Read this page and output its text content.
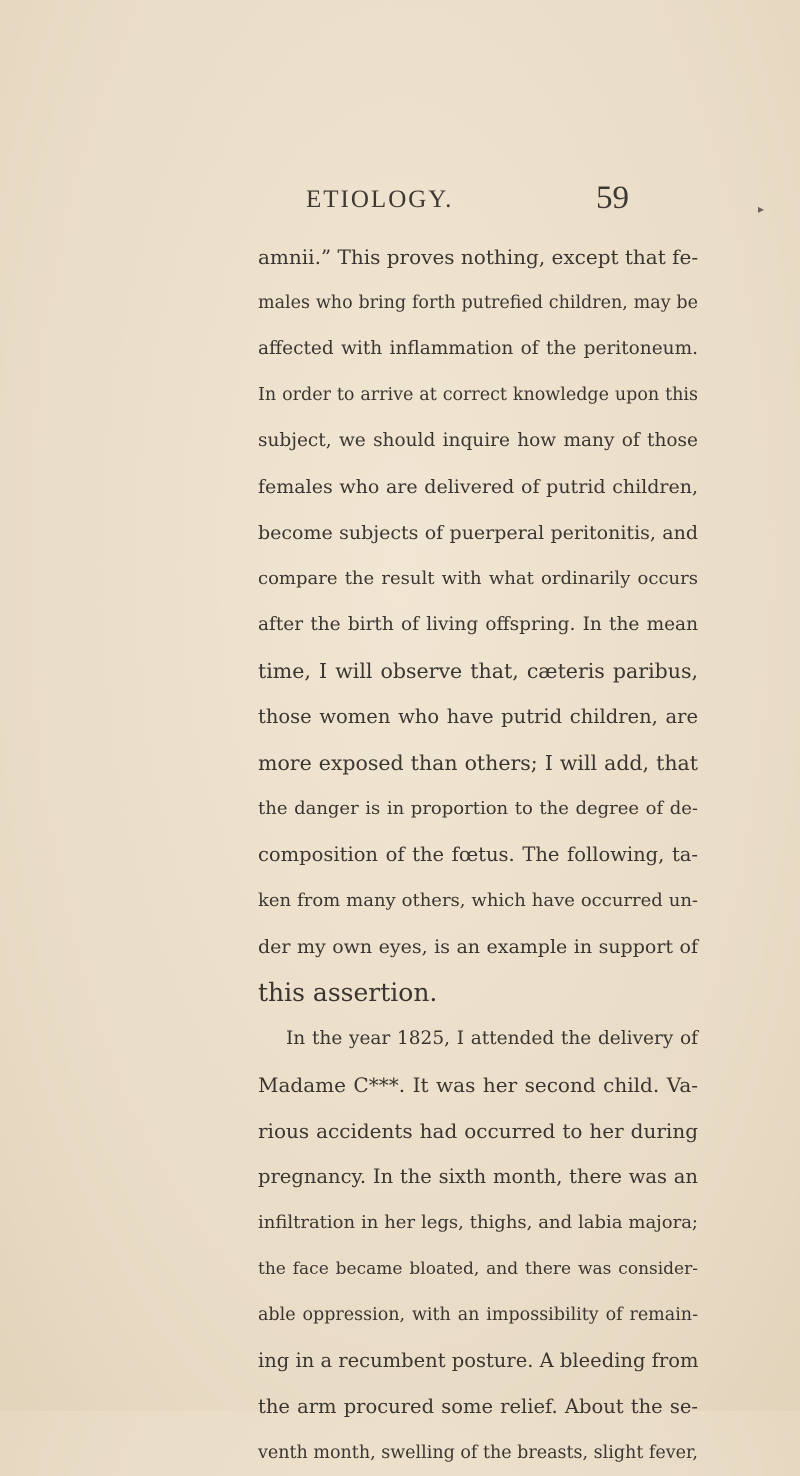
ETIOLOGY.	59	▸
amnii.” This proves nothing, except that fe-
males who bring forth putrefied children, may be
affected with inflammation of the peritoneum.
In order to arrive at correct knowledge upon this
subject, we should inquire how many of those
females who are delivered of putrid children,
become subjects of puerperal peritonitis, and
compare the result with what ordinarily occurs
after the birth of living offspring. In the mean
time, I will observe that, cæteris paribus,
those women who have putrid children, are
more exposed than others; I will add, that
the danger is in proportion to the degree of de-
composition of the fœtus. The following, ta-
ken from many others, which have occurred un-
der my own eyes, is an example in support of
this assertion.
In the year 1825, I attended the delivery of
Madame C***. It was her second child. Va-
rious accidents had occurred to her during
pregnancy. In the sixth month, there was an
infiltration in her legs, thighs, and labia majora;
the face became bloated, and there was consider-
able oppression, with an impossibility of remain-
ing in a recumbent posture. A bleeding from
the arm procured some relief. About the se-
venth month, swelling of the breasts, slight fever,
